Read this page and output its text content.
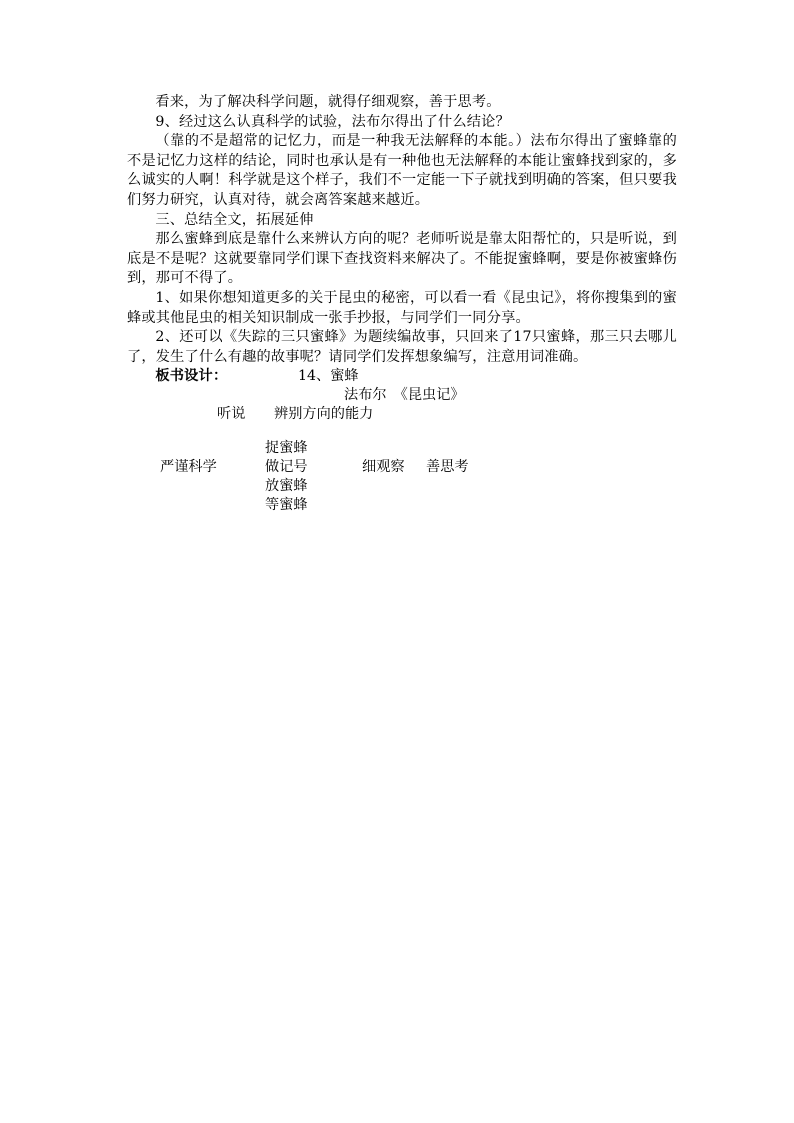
看来，为了解决科学问题，就得仔细观察，善于思考。

9、经过这么认真科学的试验，法布尔得出了什么结论？

（靠的不是超常的记忆力，而是一种我无法解释的本能。）法布尔得出了蜜蜂靠的不是记忆力这样的结论，同时也承认是有一种他也无法解释的本能让蜜蜂找到家的，多么诚实的人啊！科学就是这个样子，我们不一定能一下子就找到明确的答案，但只要我们努力研究，认真对待，就会离答案越来越近。

三、总结全文，拓展延伸

那么蜜蜂到底是靠什么来辨认方向的呢？老师听说是靠太阳帮忙的，只是听说，到底是不是呢？这就要靠同学们课下查找资料来解决了。不能捉蜜蜂啊，要是你被蜜蜂伤到，那可不得了。

1、如果你想知道更多的关于昆虫的秘密，可以看一看《昆虫记》，将你搜集到的蜜蜂或其他昆虫的相关知识制成一张手抄报，与同学们一同分享。

2、还可以《失踪的三只蜜蜂》为题续编故事，只回来了17只蜜蜂，那三只去哪儿了，发生了什么有趣的故事呢？请同学们发挥想象编写，注意用词准确。

板书设计：	14、蜜蜂
法布尔　《昆虫记》
听说 辨别方向的能力
捉蜜蜂
严谨科学	做记号	细观察 善思考
放蜜蜂
等蜜蜂
